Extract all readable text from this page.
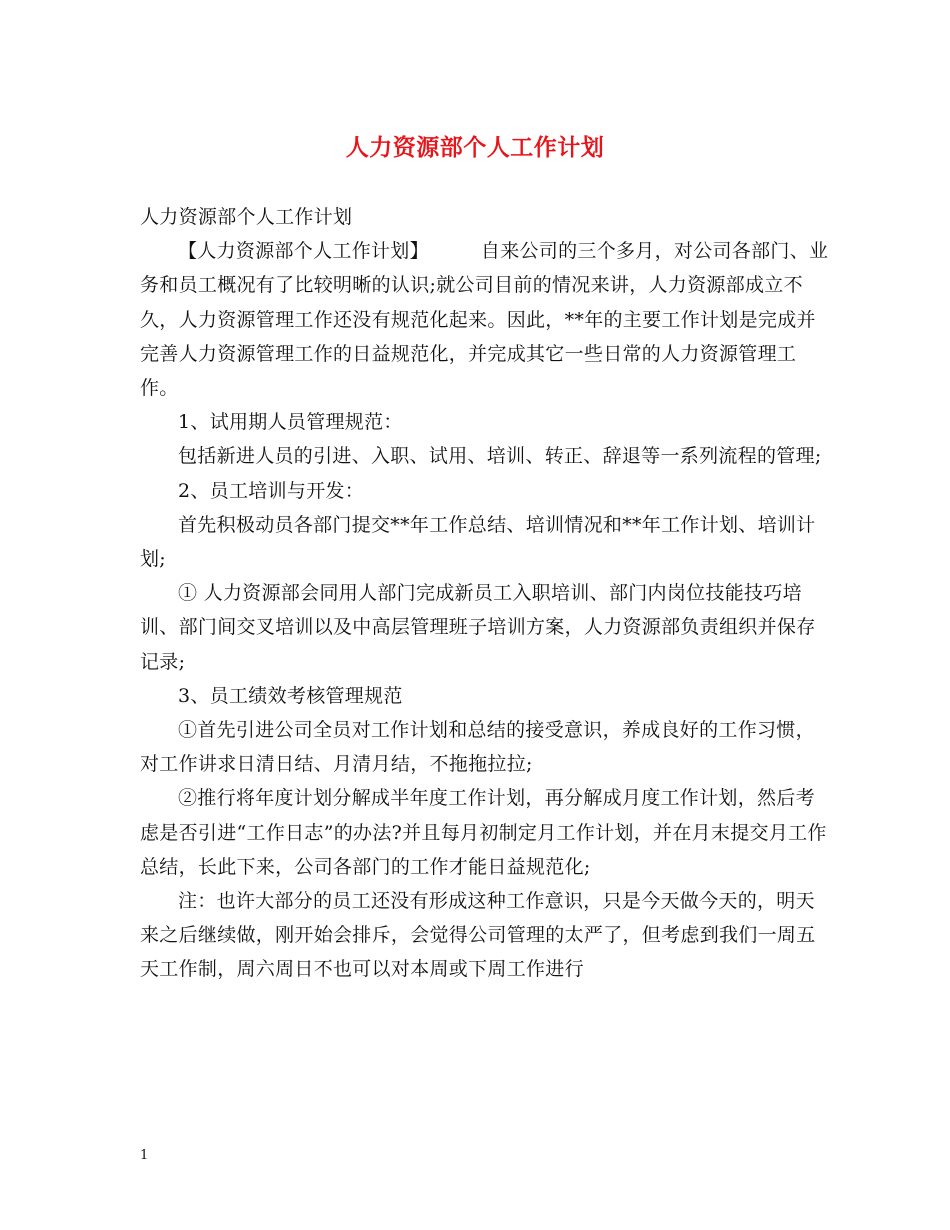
人力资源部个人工作计划

人力资源部个人工作计划

【人力资源部个人工作计划】	自来公司的三个多月，对公司各部门、业务和员工概况有了比较明晰的认识;就公司目前的情况来讲，人力资源部成立不久，人力资源管理工作还没有规范化起来。因此，**年的主要工作计划是完成并完善人力资源管理工作的日益规范化，并完成其它一些日常的人力资源管理工作。

1、试用期人员管理规范：

包括新进人员的引进、入职、试用、培训、转正、辞退等一系列流程的管理;

2、员工培训与开发：

首先积极动员各部门提交**年工作总结、培训情况和**年工作计划、培训计划;

① 人力资源部会同用人部门完成新员工入职培训、部门内岗位技能技巧培训、部门间交叉培训以及中高层管理班子培训方案，人力资源部负责组织并保存记录;

3、员工绩效考核管理规范

①首先引进公司全员对工作计划和总结的接受意识，养成良好的工作习惯，对工作讲求日清日结、月清月结，不拖拖拉拉;

②推行将年度计划分解成半年度工作计划，再分解成月度工作计划，然后考虑是否引进“工作日志”的办法?并且每月初制定月工作计划，并在月末提交月工作总结，长此下来，公司各部门的工作才能日益规范化;

注：也许大部分的员工还没有形成这种工作意识，只是今天做今天的，明天来之后继续做，刚开始会排斥，会觉得公司管理的太严了，但考虑到我们一周五天工作制，周六周日不也可以对本周或下周工作进行

1
